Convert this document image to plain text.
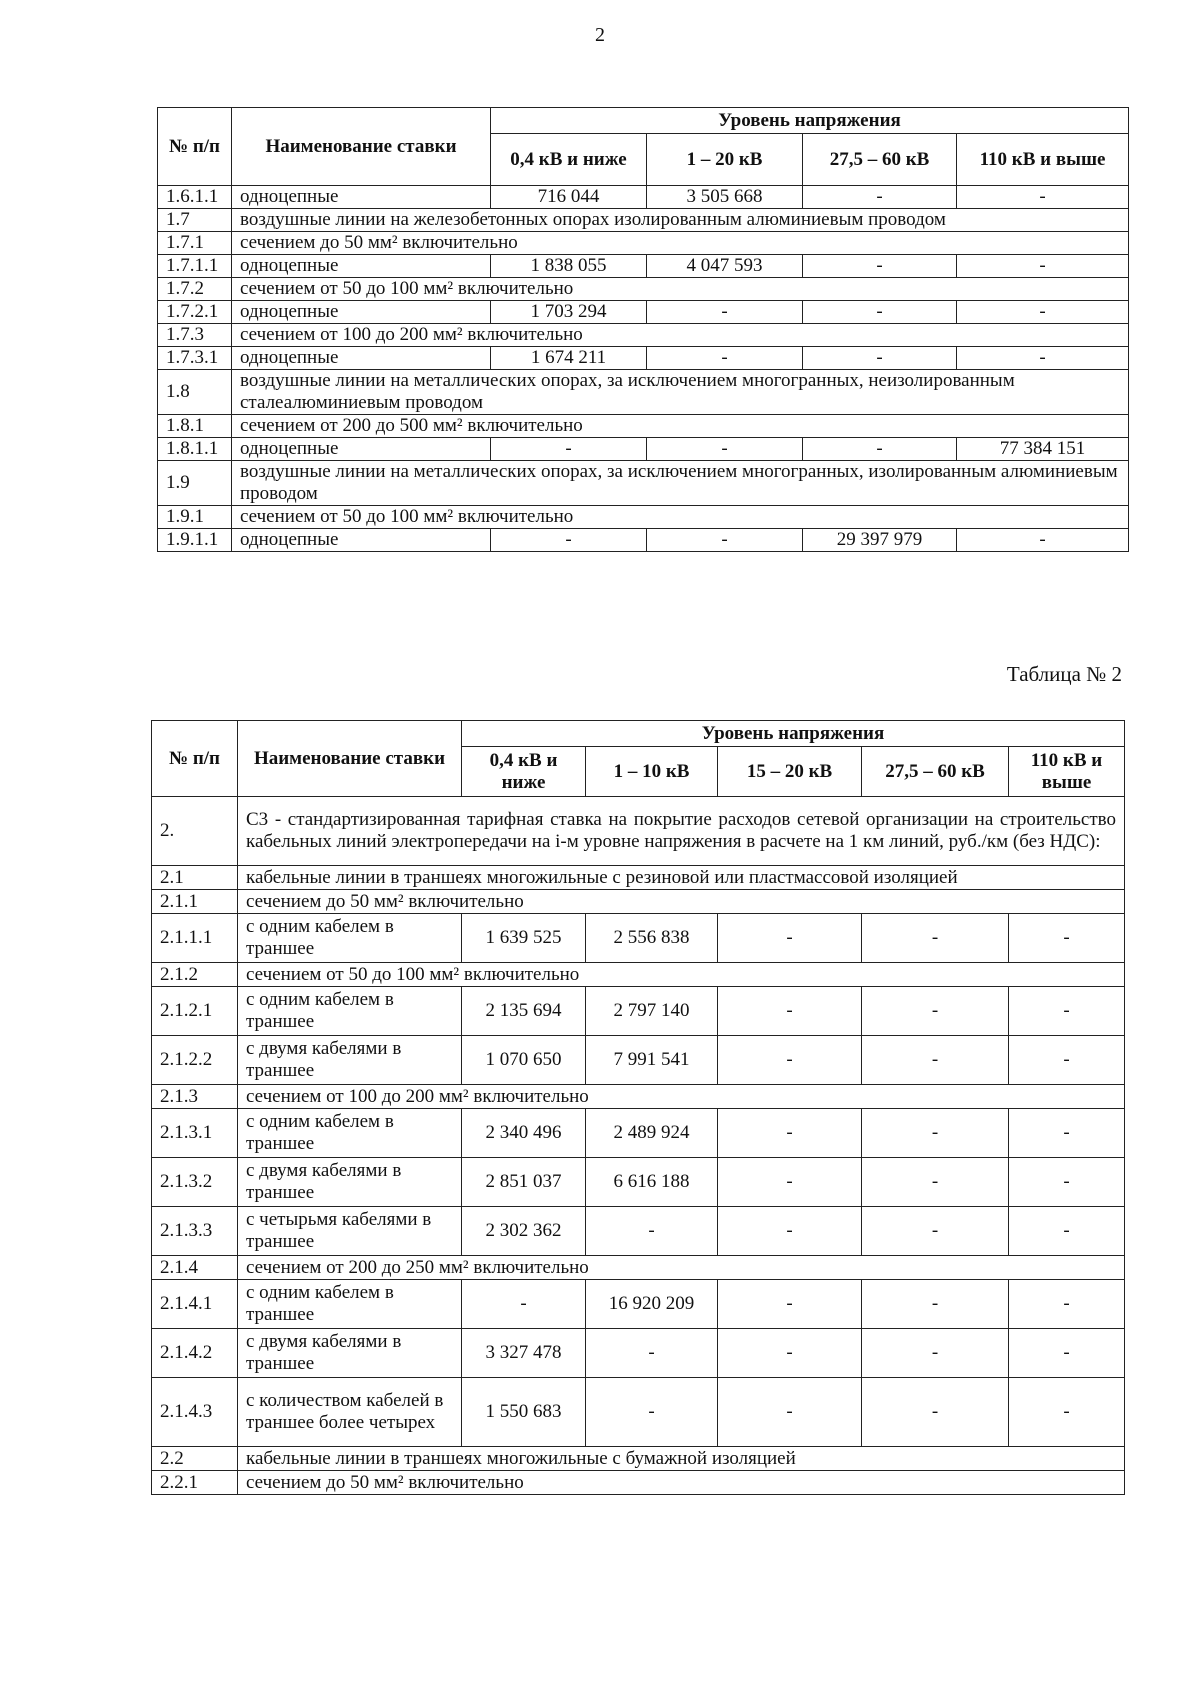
2
№ п/п	Наименование ставки	Уровень напряжения			
		0,4 кВ и ниже	1 – 20 кВ	27,5 – 60 кВ	110 кВ и выше
1.6.1.1	одноцепные	716 044	3 505 668	-	-
1.7	воздушные линии на железобетонных опорах изолированным алюминиевым проводом				
1.7.1	сечением до 50 мм² включительно				
1.7.1.1	одноцепные	1 838 055	4 047 593	-	-
1.7.2	сечением от 50 до 100 мм² включительно				
1.7.2.1	одноцепные	1 703 294	-	-	-
1.7.3	сечением от 100 до 200 мм² включительно				
1.7.3.1	одноцепные	1 674 211	-	-	-
1.8	воздушные линии на металлических опорах, за исключением многогранных, неизолированным сталеалюминиевым проводом				
1.8.1	сечением от 200 до 500 мм² включительно				
1.8.1.1	одноцепные	-	-	-	77 384 151
1.9	воздушные линии на металлических опорах, за исключением многогранных, изолированным алюминиевым проводом				
1.9.1	сечением от 50 до 100 мм² включительно				
1.9.1.1	одноцепные	-	-	29 397 979	-
Таблица № 2
№ п/п	Наименование ставки	Уровень напряжения				
		0,4 кВ и ниже	1 – 10 кВ	15 – 20 кВ	27,5 – 60 кВ	110 кВ и выше
2.	С3 - стандартизированная тарифная ставка на покрытие расходов сетевой организации на строительство кабельных линий электропередачи на i-м уровне напряжения в расчете на 1 км линий, руб./км (без НДС):					
2.1	кабельные линии в траншеях многожильные с резиновой или пластмассовой изоляцией					
2.1.1	сечением до 50 мм² включительно					
2.1.1.1	с одним кабелем в траншее	1 639 525	2 556 838	-	-	-
2.1.2	сечением от 50 до 100 мм² включительно					
2.1.2.1	с одним кабелем в траншее	2 135 694	2 797 140	-	-	-
2.1.2.2	с двумя кабелями в траншее	1 070 650	7 991 541	-	-	-
2.1.3	сечением от 100 до 200 мм² включительно					
2.1.3.1	с одним кабелем в траншее	2 340 496	2 489 924	-	-	-
2.1.3.2	с двумя кабелями в траншее	2 851 037	6 616 188	-	-	-
2.1.3.3	с четырьмя кабелями в траншее	2 302 362	-	-	-	-
2.1.4	сечением от 200 до 250 мм² включительно					
2.1.4.1	с одним кабелем в траншее	-	16 920 209	-	-	-
2.1.4.2	с двумя кабелями в траншее	3 327 478	-	-	-	-
2.1.4.3	с количеством кабелей в траншее более четырех	1 550 683	-	-	-	-
2.2	кабельные линии в траншеях многожильные с бумажной изоляцией					
2.2.1	сечением до 50 мм² включительно					
